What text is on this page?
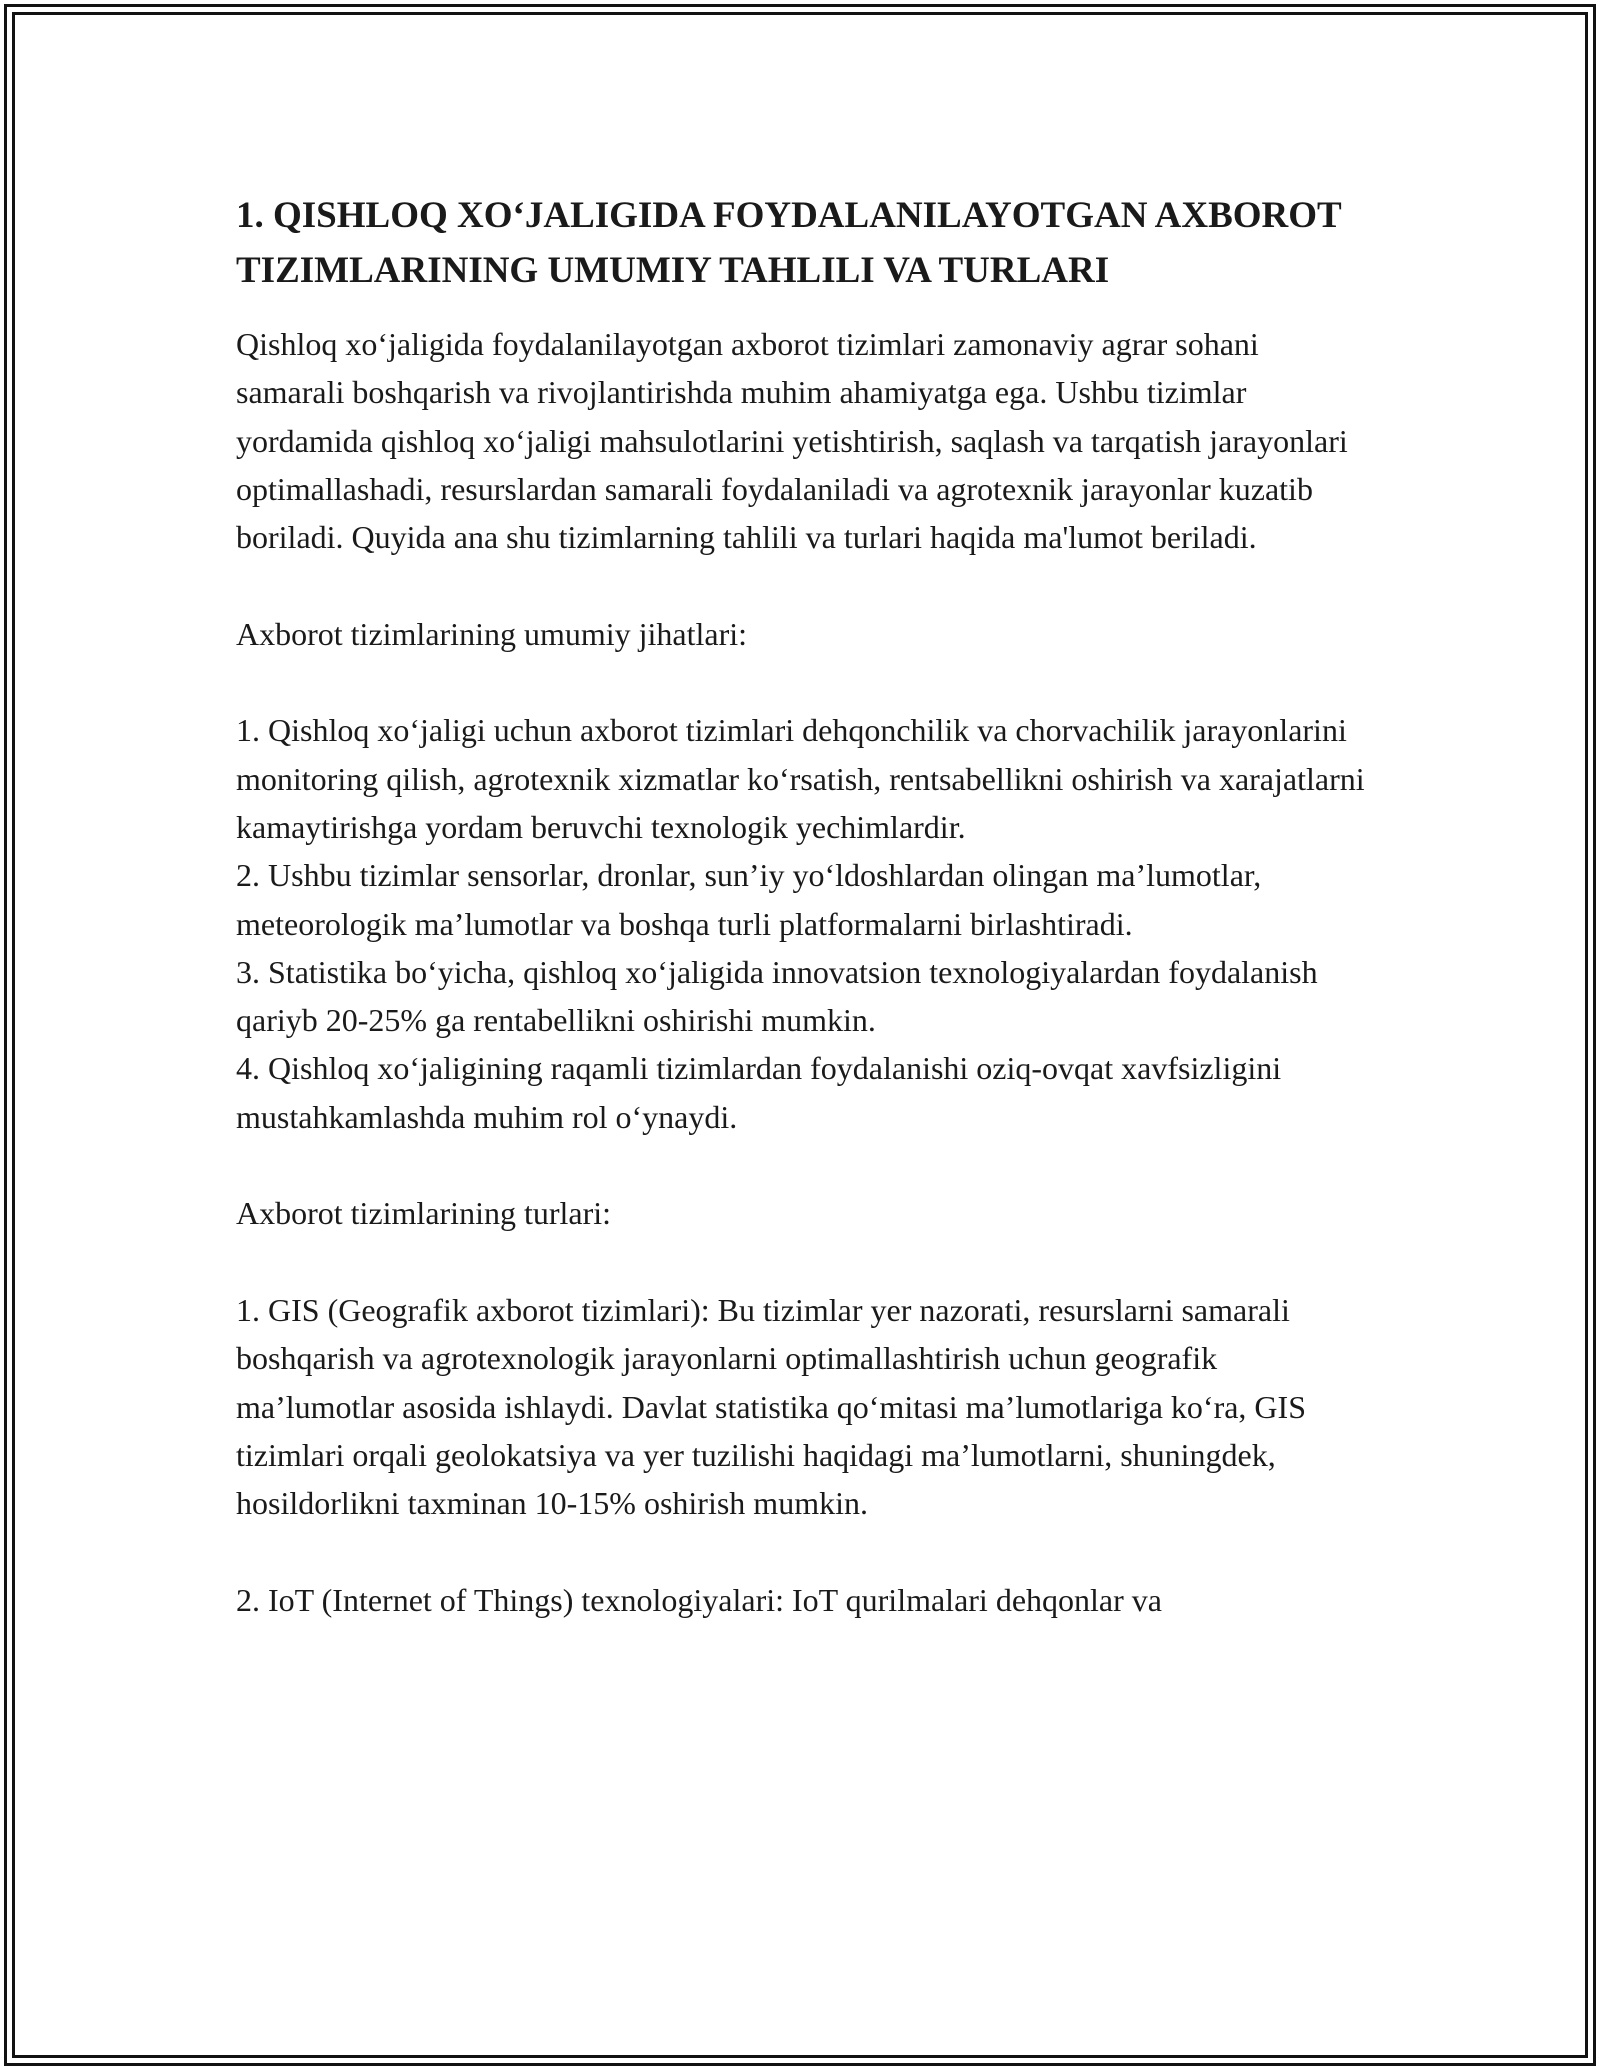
1. QISHLOQ XO‘JALIGIDA FOYDALANILAYOTGAN AXBOROT TIZIMLARINING UMUMIY TAHLILI VA TURLARI

Qishloq xo‘jaligida foydalanilayotgan axborot tizimlari zamonaviy agrar sohani samarali boshqarish va rivojlantirishda muhim ahamiyatga ega. Ushbu tizimlar yordamida qishloq xo‘jaligi mahsulotlarini yetishtirish, saqlash va tarqatish jarayonlari optimallashadi, resurslardan samarali foydalaniladi va agrotexnik jarayonlar kuzatib boriladi. Quyida ana shu tizimlarning tahlili va turlari haqida ma'lumot beriladi.

Axborot tizimlarining umumiy jihatlari:

1. Qishloq xo‘jaligi uchun axborot tizimlari dehqonchilik va chorvachilik jarayonlarini monitoring qilish, agrotexnik xizmatlar ko‘rsatish, rentsabellikni oshirish va xarajatlarni kamaytirishga yordam beruvchi texnologik yechimlardir.

2. Ushbu tizimlar sensorlar, dronlar, sun’iy yo‘ldoshlardan olingan ma’lumotlar, meteorologik ma’lumotlar va boshqa turli platformalarni birlashtiradi.

3. Statistika bo‘yicha, qishloq xo‘jaligida innovatsion texnologiyalardan foydalanish qariyb 20-25% ga rentabellikni oshirishi mumkin.

4. Qishloq xo‘jaligining raqamli tizimlardan foydalanishi oziq-ovqat xavfsizligini mustahkamlashda muhim rol o‘ynaydi.

Axborot tizimlarining turlari:

1. GIS (Geografik axborot tizimlari): Bu tizimlar yer nazorati, resurslarni samarali boshqarish va agrotexnologik jarayonlarni optimallashtirish uchun geografik ma’lumotlar asosida ishlaydi. Davlat statistika qo‘mitasi ma’lumotlariga ko‘ra, GIS tizimlari orqali geolokatsiya va yer tuzilishi haqidagi ma’lumotlarni, shuningdek, hosildorlikni taxminan 10-15% oshirish mumkin.

2. IoT (Internet of Things) texnologiyalari: IoT qurilmalari dehqonlar va
